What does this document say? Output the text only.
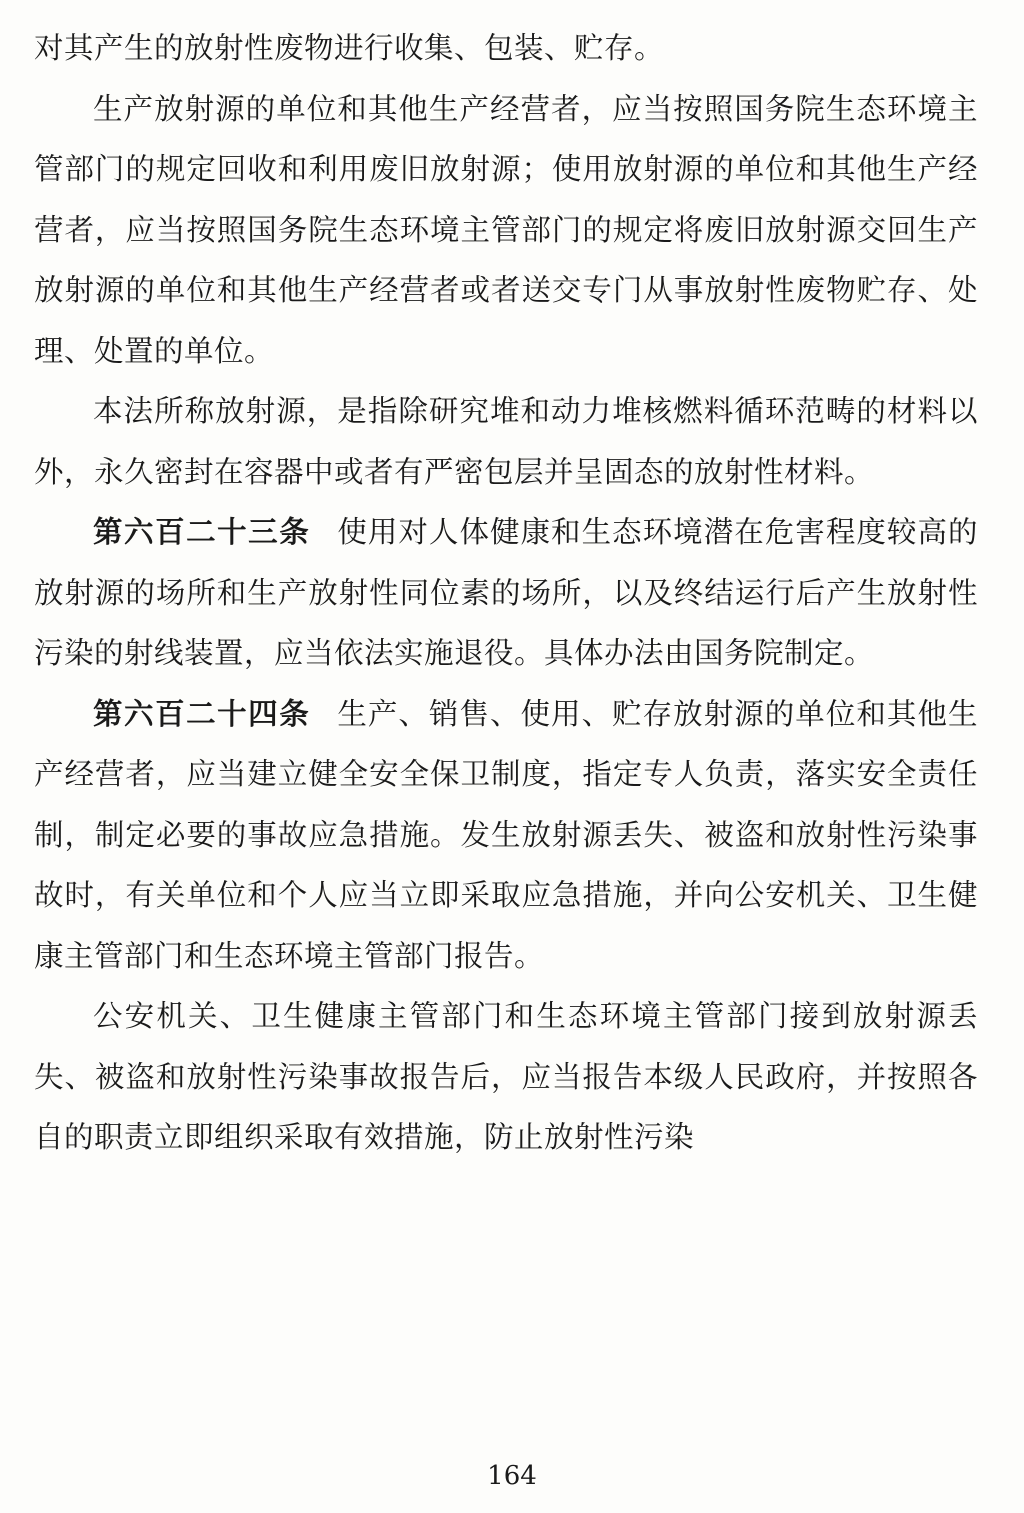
对其产生的放射性废物进行收集、包装、贮存。

生产放射源的单位和其他生产经营者，应当按照国务院生态环境主管部门的规定回收和利用废旧放射源；使用放射源的单位和其他生产经营者，应当按照国务院生态环境主管部门的规定将废旧放射源交回生产放射源的单位和其他生产经营者或者送交专门从事放射性废物贮存、处理、处置的单位。

本法所称放射源，是指除研究堆和动力堆核燃料循环范畴的材料以外，永久密封在容器中或者有严密包层并呈固态的放射性材料。

第六百二十三条 使用对人体健康和生态环境潜在危害程度较高的放射源的场所和生产放射性同位素的场所，以及终结运行后产生放射性污染的射线装置，应当依法实施退役。具体办法由国务院制定。

第六百二十四条 生产、销售、使用、贮存放射源的单位和其他生产经营者，应当建立健全安全保卫制度，指定专人负责，落实安全责任制，制定必要的事故应急措施。发生放射源丢失、被盗和放射性污染事故时，有关单位和个人应当立即采取应急措施，并向公安机关、卫生健康主管部门和生态环境主管部门报告。

公安机关、卫生健康主管部门和生态环境主管部门接到放射源丢失、被盗和放射性污染事故报告后，应当报告本级人民政府，并按照各自的职责立即组织采取有效措施，防止放射性污染

164
